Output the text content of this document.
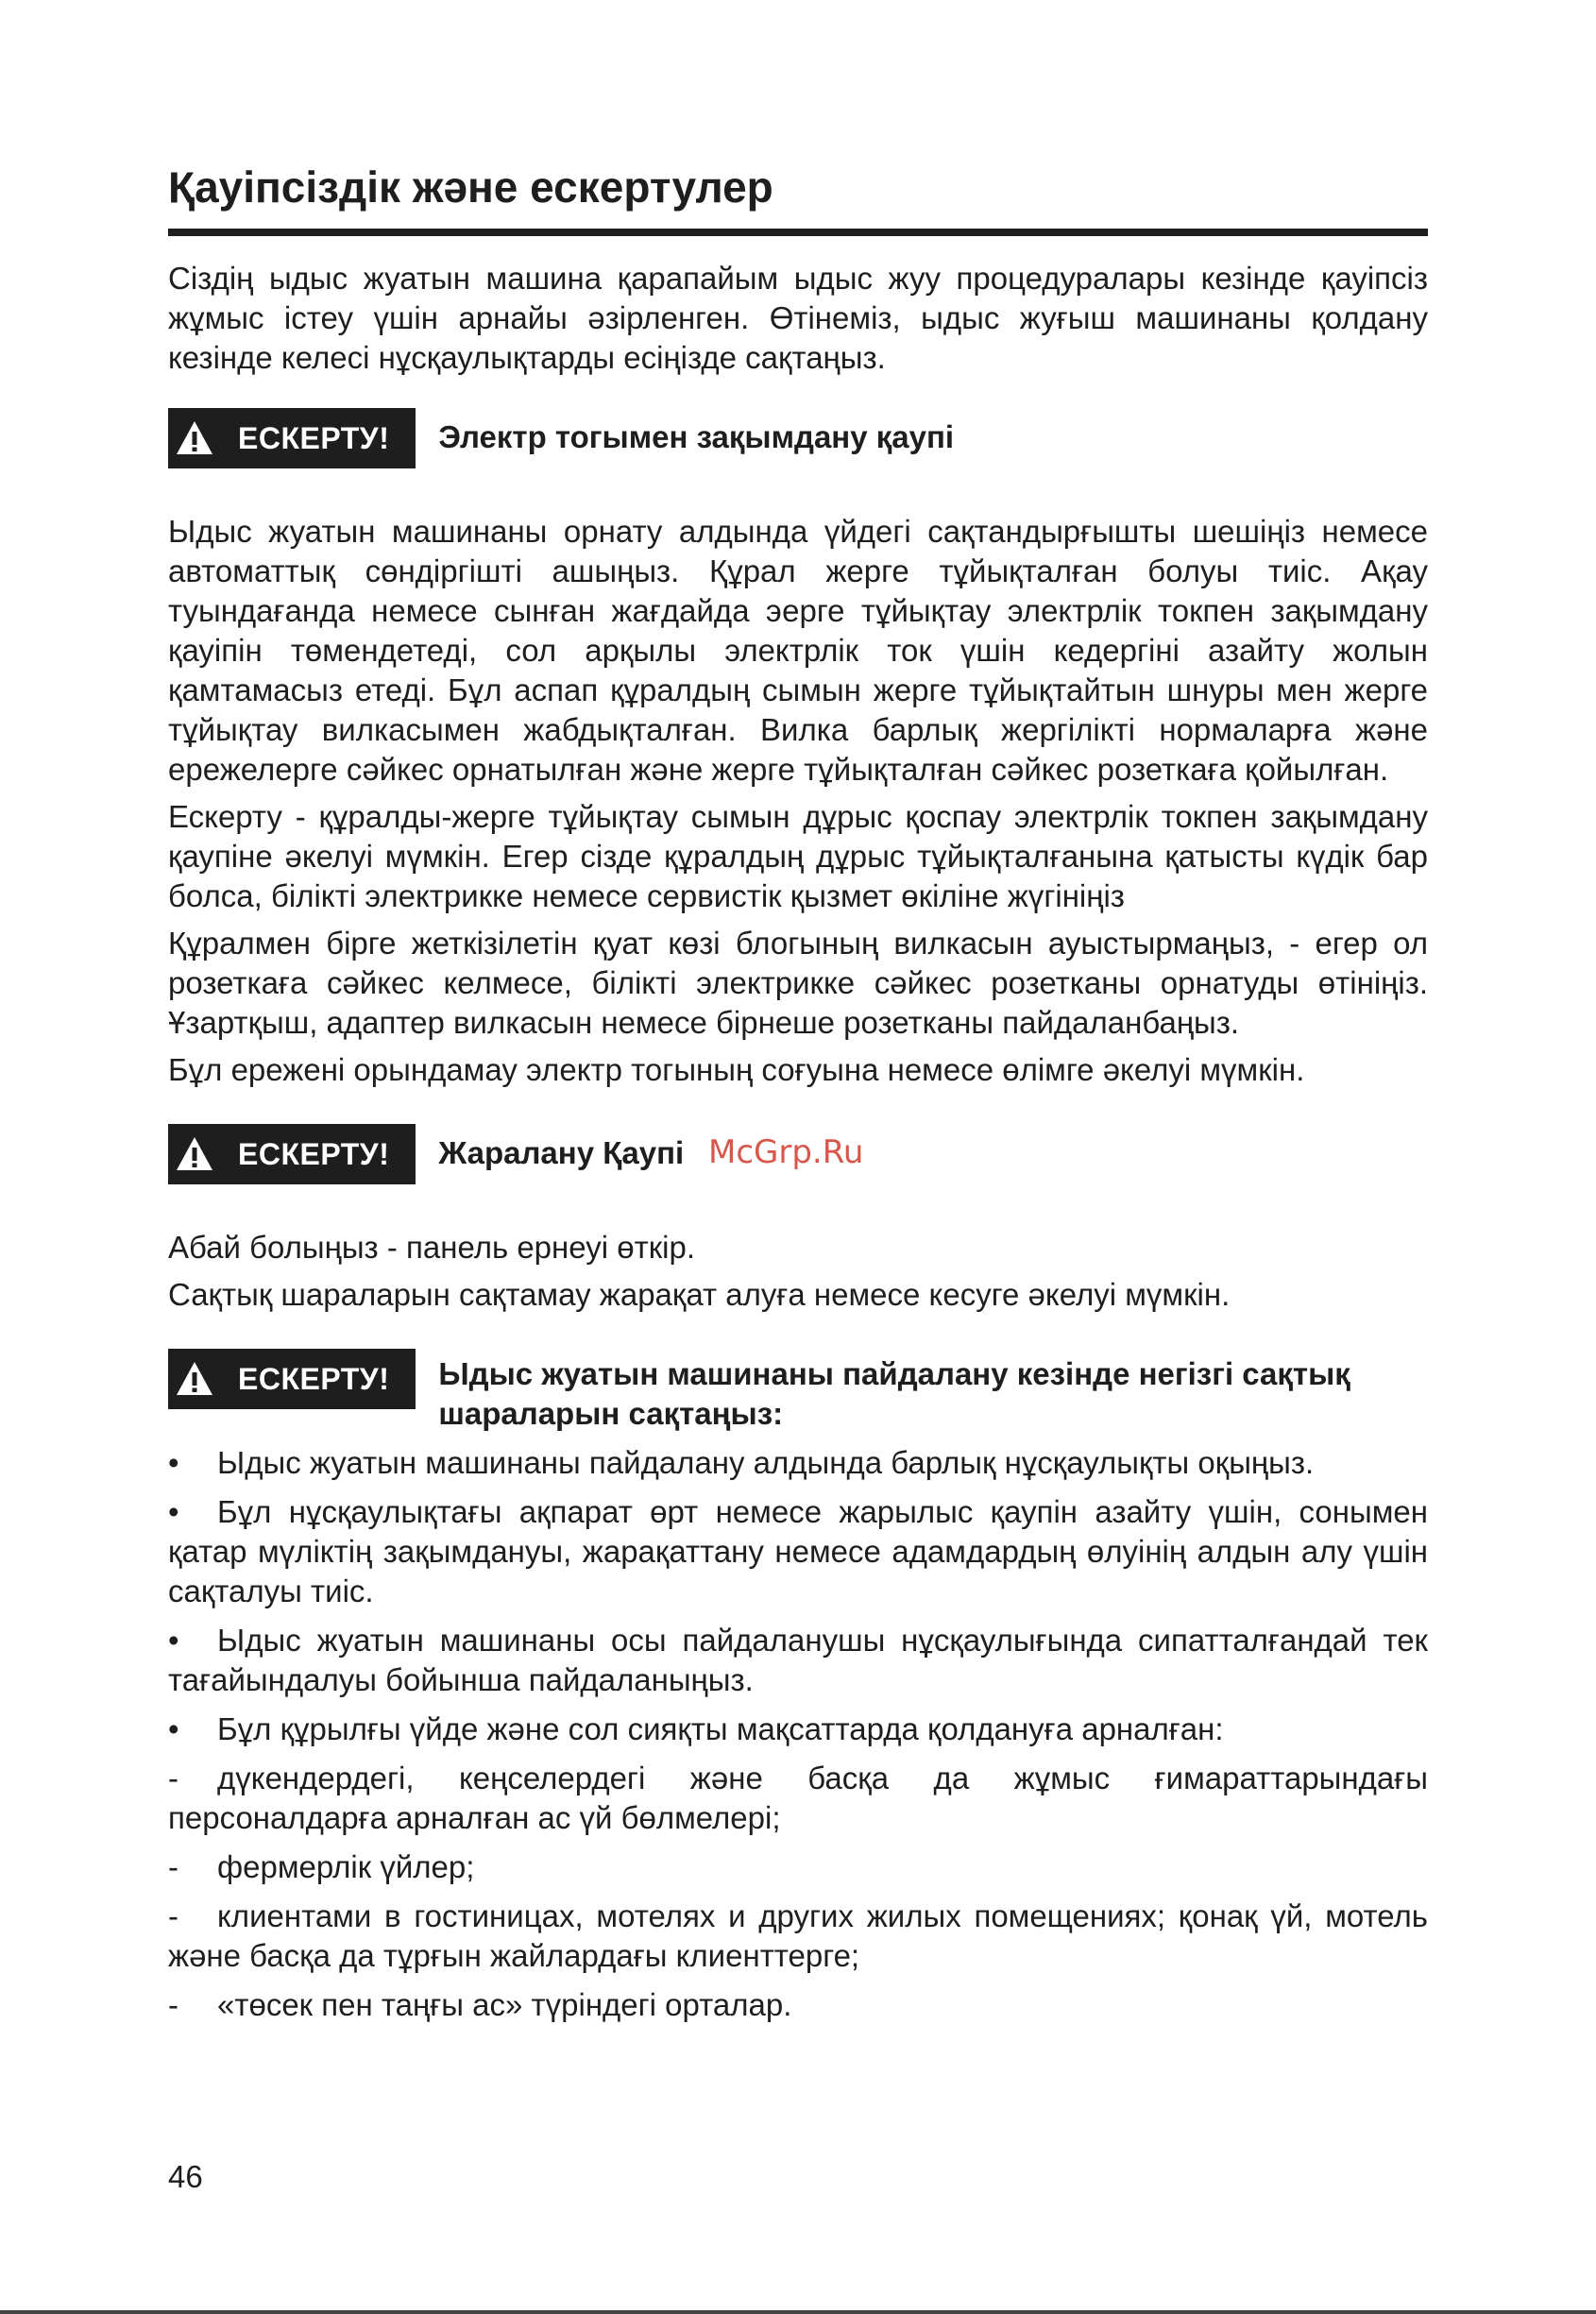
Қауіпсіздік және ескертулер

Сіздің ыдыс жуатын машина қарапайым ыдыс жуу процедуралары кезінде қауіпсіз жұмыс істеу үшін арнайы әзірленген. Өтінеміз, ыдыс жуғыш машинаны қолдану кезінде келесі нұсқаулықтарды есіңізде сақтаңыз.

ЕСКЕРТУ! Электр тогымен зақымдану қаупі

Ыдыс жуатын машинаны орнату алдында үйдегі сақтандырғышты шешіңіз немесе автоматтық сөндіргішті ашыңыз. Құрал жерге тұйықталған болуы тиіс. Ақау туындағанда немесе сынған жағдайда эерге тұйықтау электрлік токпен зақымдану қауіпін төмендетеді, сол арқылы электрлік ток үшін кедергіні азайту жолын қамтамасыз етеді. Бұл аспап құралдың сымын жерге тұйықтайтын шнуры мен жерге тұйықтау вилкасымен жабдықталған. Вилка барлық жергілікті нормаларға және ережелерге сәйкес орнатылған және жерге тұйықталған сәйкес розеткаға қойылған.

Ескерту - құралды-жерге тұйықтау сымын дұрыс қоспау электрлік токпен зақымдану қаупіне әкелуі мүмкін. Егер сізде құралдың дұрыс тұйықталғанына қатысты күдік бар болса, білікті электрикке немесе сервистік қызмет өкіліне жүгініңіз

Құралмен бірге жеткізілетін қуат көзі блогының вилкасын ауыстырмаңыз, - егер ол розеткаға сәйкес келмесе, білікті электрикке сәйкес розетканы орнатуды өтініңіз. Ұзартқыш, адаптер вилкасын немесе бірнеше розетканы пайдаланбаңыз.

Бұл ережені орындамау электр тогының соғуына немесе өлімге әкелуі мүмкін.

ЕСКЕРТУ! Жаралану Қаупі

Абай болыңыз - панель ернеуі өткір.

Сақтық шараларын сақтамау жарақат алуға немесе кесуге әкелуі мүмкін.

ЕСКЕРТУ! Ыдыс жуатын машинаны пайдалану кезінде негізгі сақтық шараларын сақтаңыз:

• Ыдыс жуатын машинаны пайдалану алдында барлық нұсқаулықты оқыңыз.

• Бұл нұсқаулықтағы ақпарат өрт немесе жарылыс қаупін азайту үшін, сонымен қатар мүліктің зақымдануы, жарақаттану немесе адамдардың өлуінің алдын алу үшін сақталуы тиіс.

• Ыдыс жуатын машинаны осы пайдаланушы нұсқаулығында сипатталғандай тек тағайындалуы бойынша пайдаланыңыз.

• Бұл құрылғы үйде және сол сияқты мақсаттарда қолдануға арналған:

- дүкендердегі, кеңселердегі және басқа да жұмыс ғимараттарындағы персоналдарға арналған ас үй бөлмелері;

- фермерлік үйлер;

- клиентами в гостиницах, мотелях и других жилых помещениях; қонақ үй, мотель және басқа да тұрғын жайлардағы клиенттерге;

- «төсек пен таңғы ас» түріндегі орталар.

McGrp.Ru
46
